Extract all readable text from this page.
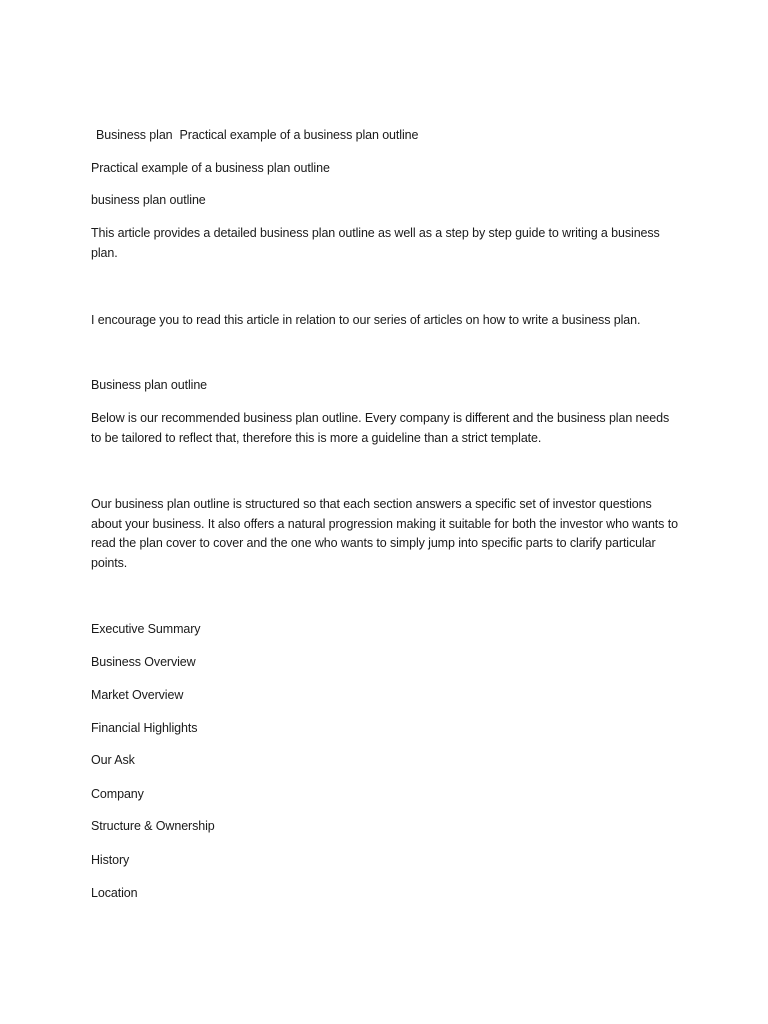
Business plan Practical example of a business plan outline
Practical example of a business plan outline
business plan outline
This article provides a detailed business plan outline as well as a step by step guide to writing a business plan.
I encourage you to read this article in relation to our series of articles on how to write a business plan.
Business plan outline
Below is our recommended business plan outline. Every company is different and the business plan needs to be tailored to reflect that, therefore this is more a guideline than a strict template.
Our business plan outline is structured so that each section answers a specific set of investor questions about your business. It also offers a natural progression making it suitable for both the investor who wants to read the plan cover to cover and the one who wants to simply jump into specific parts to clarify particular points.
Executive Summary
Business Overview
Market Overview
Financial Highlights
Our Ask
Company
Structure & Ownership
History
Location
